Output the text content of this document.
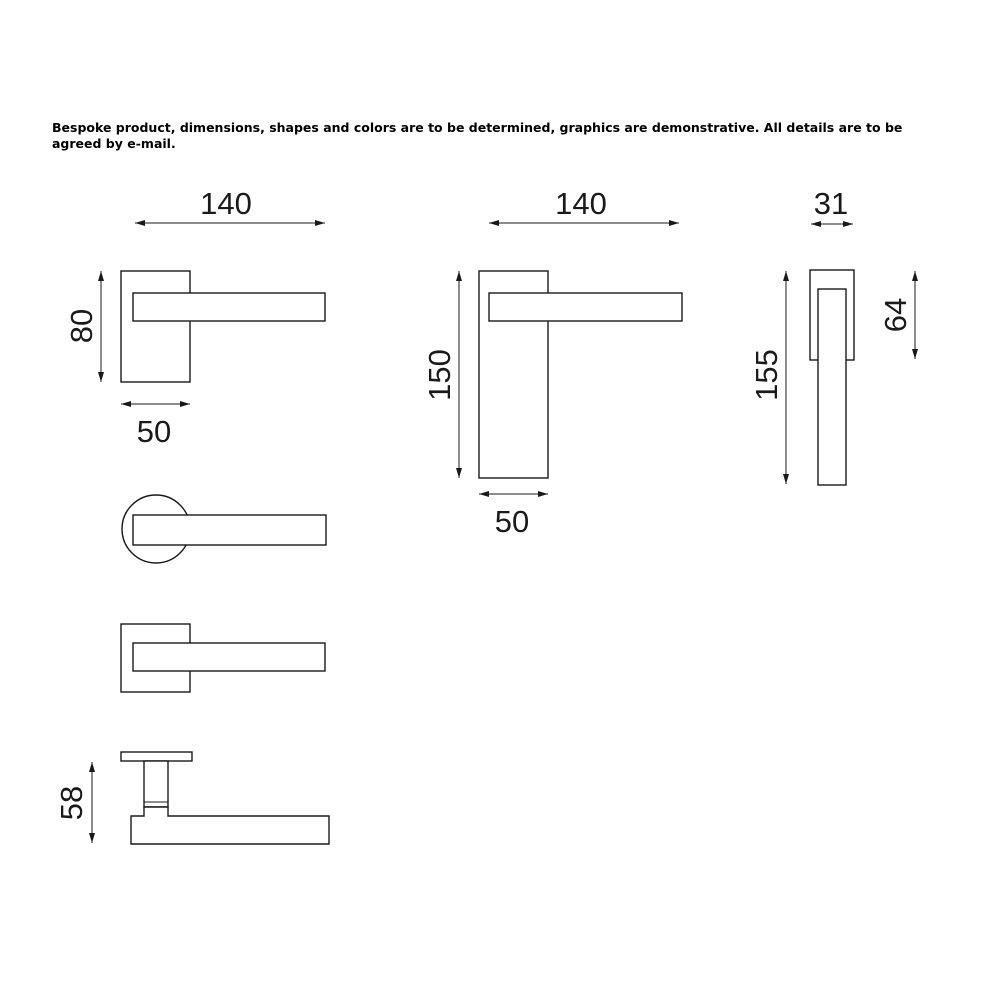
Bespoke product, dimensions, shapes and colors are to be determined, graphics are demonstrative. All details are to be agreed by e-mail.
140
80
50
140
150
50
31
155
64
58
